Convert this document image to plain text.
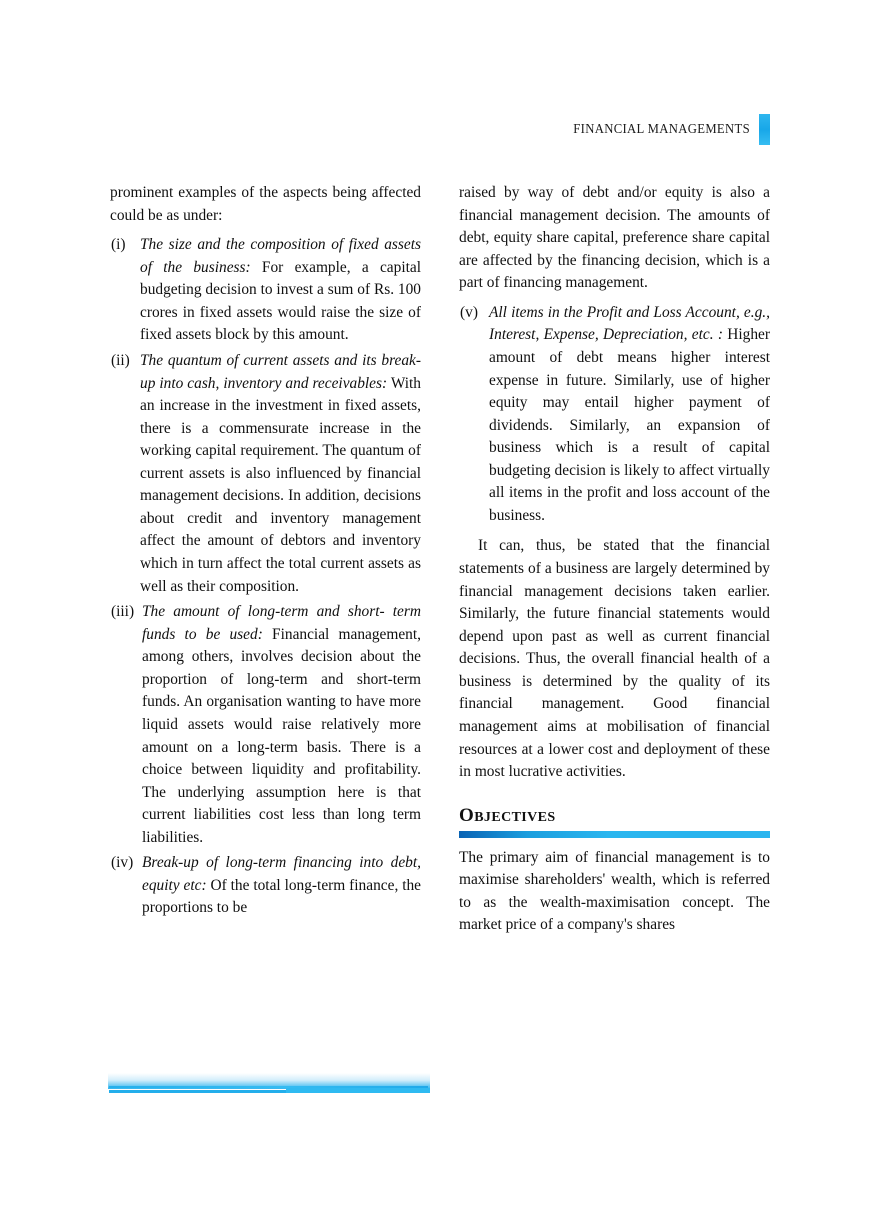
FINANCIAL MANAGEMENTS

prominent examples of the aspects being affected could be as under:

(i) The size and the composition of fixed assets of the business: For example, a capital budgeting decision to invest a sum of Rs. 100 crores in fixed assets would raise the size of fixed assets block by this amount.
(ii) The quantum of current assets and its break-up into cash, inventory and receivables: With an increase in the investment in fixed assets, there is a commensurate increase in the working capital requirement. The quantum of current assets is also influenced by financial management decisions. In addition, decisions about credit and inventory management affect the amount of debtors and inventory which in turn affect the total current assets as well as their composition.
(iii) The amount of long-term and short- term funds to be used: Financial management, among others, involves decision about the proportion of long-term and short-term funds. An organisation wanting to have more liquid assets would raise relatively more amount on a long-term basis. There is a choice between liquidity and profitability. The underlying assumption here is that current liabilities cost less than long term liabilities.
(iv) Break-up of long-term financing into debt, equity etc: Of the total long-term finance, the proportions to be

raised by way of debt and/or equity is also a financial management decision. The amounts of debt, equity share capital, preference share capital are affected by the financing decision, which is a part of financing management.

(v) All items in the Profit and Loss Account, e.g., Interest, Expense, Depreciation, etc. : Higher amount of debt means higher interest expense in future. Similarly, use of higher equity may entail higher payment of dividends. Similarly, an expansion of business which is a result of capital budgeting decision is likely to affect virtually all items in the profit and loss account of the business.

It can, thus, be stated that the financial statements of a business are largely determined by financial management decisions taken earlier. Similarly, the future financial statements would depend upon past as well as current financial decisions. Thus, the overall financial health of a business is determined by the quality of its financial management. Good financial management aims at mobilisation of financial resources at a lower cost and deployment of these in most lucrative activities.

OBJECTIVES

The primary aim of financial management is to maximise shareholders' wealth, which is referred to as the wealth-maximisation concept. The market price of a company's shares
